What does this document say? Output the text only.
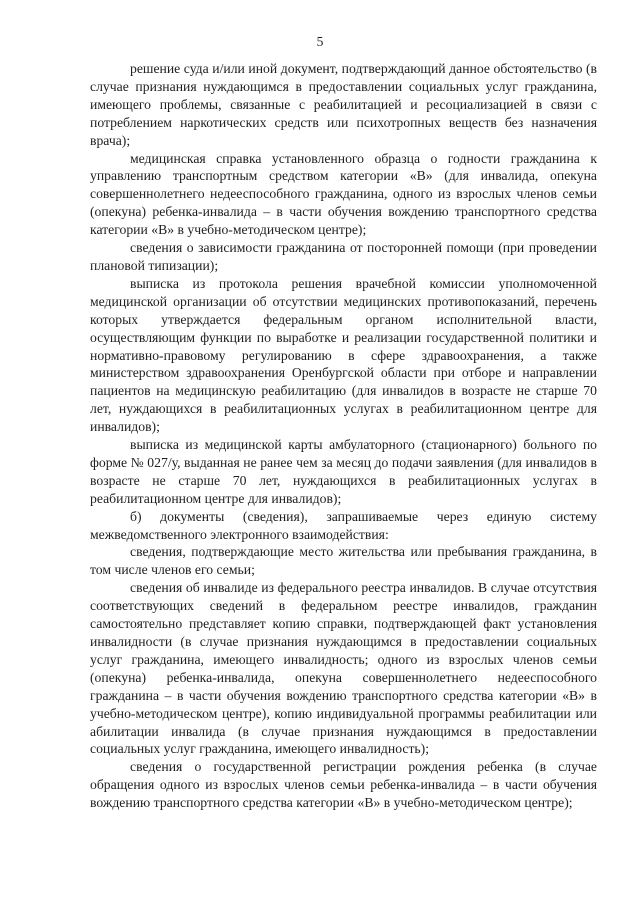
5

решение суда и/или иной документ, подтверждающий данное обстоятельство (в случае признания нуждающимся в предоставлении социальных услуг гражданина, имеющего проблемы, связанные с реабилитацией и ресоциализацией в связи с потреблением наркотических средств или психотропных веществ без назначения врача);

медицинская справка установленного образца о годности гражданина к управлению транспортным средством категории «В» (для инвалида, опекуна совершеннолетнего недееспособного гражданина, одного из взрослых членов семьи (опекуна) ребенка-инвалида – в части обучения вождению транспортного средства категории «В» в учебно-методическом центре);

сведения о зависимости гражданина от посторонней помощи (при проведении плановой типизации);

выписка из протокола решения врачебной комиссии уполномоченной медицинской организации об отсутствии медицинских противопоказаний, перечень которых утверждается федеральным органом исполнительной власти, осуществляющим функции по выработке и реализации государственной политики и нормативно-правовому регулированию в сфере здравоохранения, а также министерством здравоохранения Оренбургской области при отборе и направлении пациентов на медицинскую реабилитацию (для инвалидов в возрасте не старше 70 лет, нуждающихся в реабилитационных услугах в реабилитационном центре для инвалидов);

выписка из медицинской карты амбулаторного (стационарного) больного по форме № 027/у, выданная не ранее чем за месяц до подачи заявления (для инвалидов в возрасте не старше 70 лет, нуждающихся в реабилитационных услугах в реабилитационном центре для инвалидов);

б) документы (сведения), запрашиваемые через единую систему межведомственного электронного взаимодействия:

сведения, подтверждающие место жительства или пребывания гражданина, в том числе членов его семьи;

сведения об инвалиде из федерального реестра инвалидов. В случае отсутствия соответствующих сведений в федеральном реестре инвалидов, гражданин самостоятельно представляет копию справки, подтверждающей факт установления инвалидности (в случае признания нуждающимся в предоставлении социальных услуг гражданина, имеющего инвалидность; одного из взрослых членов семьи (опекуна) ребенка-инвалида, опекуна совершеннолетнего недееспособного гражданина – в части обучения вождению транспортного средства категории «В» в учебно-методическом центре), копию индивидуальной программы реабилитации или абилитации инвалида (в случае признания нуждающимся в предоставлении социальных услуг гражданина, имеющего инвалидность);

сведения о государственной регистрации рождения ребенка (в случае обращения одного из взрослых членов семьи ребенка-инвалида – в части обучения вождению транспортного средства категории «В» в учебно-методическом центре);
